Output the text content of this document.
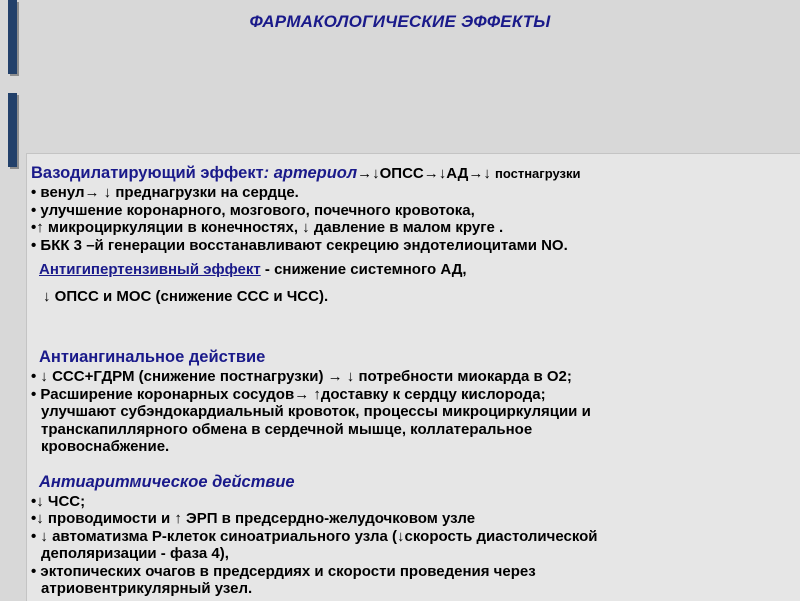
ФАРМАКОЛОГИЧЕСКИЕ ЭФФЕКТЫ

Вазодилатирующий эффект: артериол→↓ОПСС→↓АД→↓ постнагрузки

• венул→ ↓ преднагрузки на сердце.

• улучшение коронарного, мозгового, почечного кровотока,

•↑ микроциркуляции в конечностях, ↓ давление в малом круге .

• БКК 3 –й генерации восстанавливают секрецию эндотелиоцитами NO.

Антигипертензивный эффект - снижение системного АД,

↓ ОПСС и МОС (снижение ССС и ЧСС).

Антиангинальное действие

• ↓ ССС+ГДРМ (снижение постнагрузки) → ↓ потребности миокарда в О2;

• Расширение коронарных сосудов→ ↑доставку к сердцу кислорода;

улучшают субэндокардиальный кровоток, процессы микроциркуляции и

транскапиллярного обмена в сердечной мышце, коллатеральное

кровоснабжение.

Антиаритмическое действие

•↓ ЧСС;

•↓ проводимости и ↑ ЭРП в предсердно-желудочковом узле

• ↓ автоматизма Р-клеток синоатриального узла (↓скорость диастолической

деполяризации - фаза 4),

• эктопических очагов в предсердиях и скорости проведения через

атриовентрикулярный узел.
